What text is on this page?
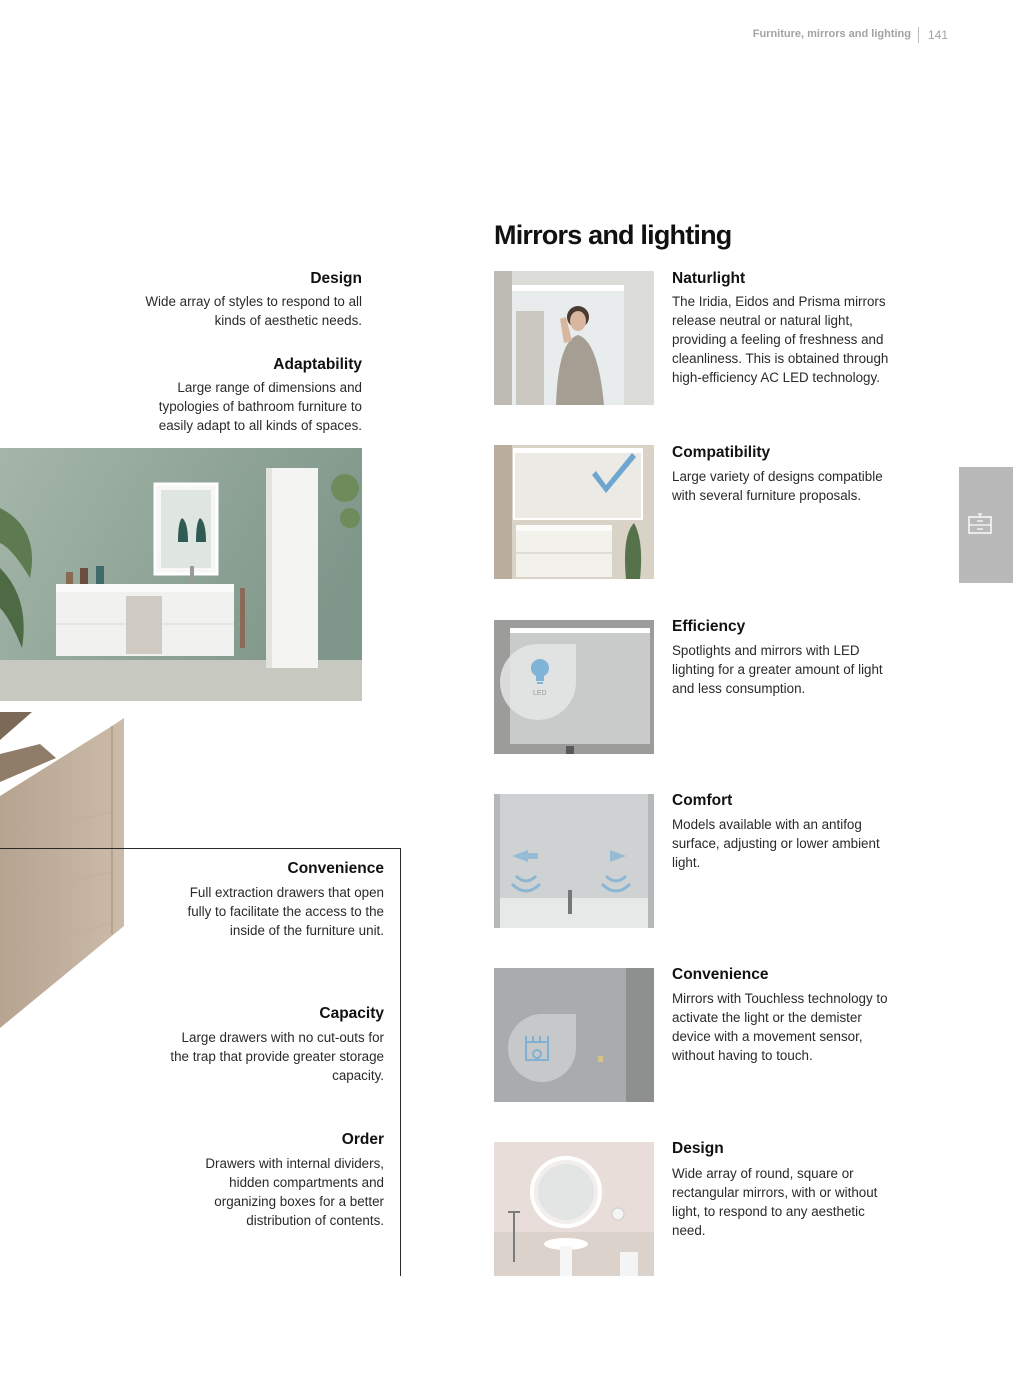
Furniture, mirrors and lighting 141
Design
Wide array of styles to respond to all kinds of aesthetic needs.
Adaptability
Large range of dimensions and typologies of bathroom furniture to easily adapt to all kinds of spaces.
Convenience
Full extraction drawers that open fully to facilitate the access to the inside of the furniture unit.
Capacity
Large drawers with no cut-outs for the trap that provide greater storage capacity.
Order
Drawers with internal dividers, hidden compartments and organizing boxes for a better distribution of contents.
Mirrors and lighting
Naturlight
The Iridia, Eidos and Prisma mirrors release neutral or natural light, providing a feeling of freshness and cleanliness. This is obtained through high-efficiency AC LED technology.
Compatibility
Large variety of designs compatible with several furniture proposals.
LED
Efficiency
Spotlights and mirrors with LED lighting for a greater amount of light and less consumption.
Comfort
Models available with an antifog surface, adjusting or lower ambient light.
Convenience
Mirrors with Touchless technology to activate the light or the demister device with a movement sensor, without having to touch.
Design
Wide array of round, square or rectangular mirrors, with or without light, to respond to any aesthetic need.
